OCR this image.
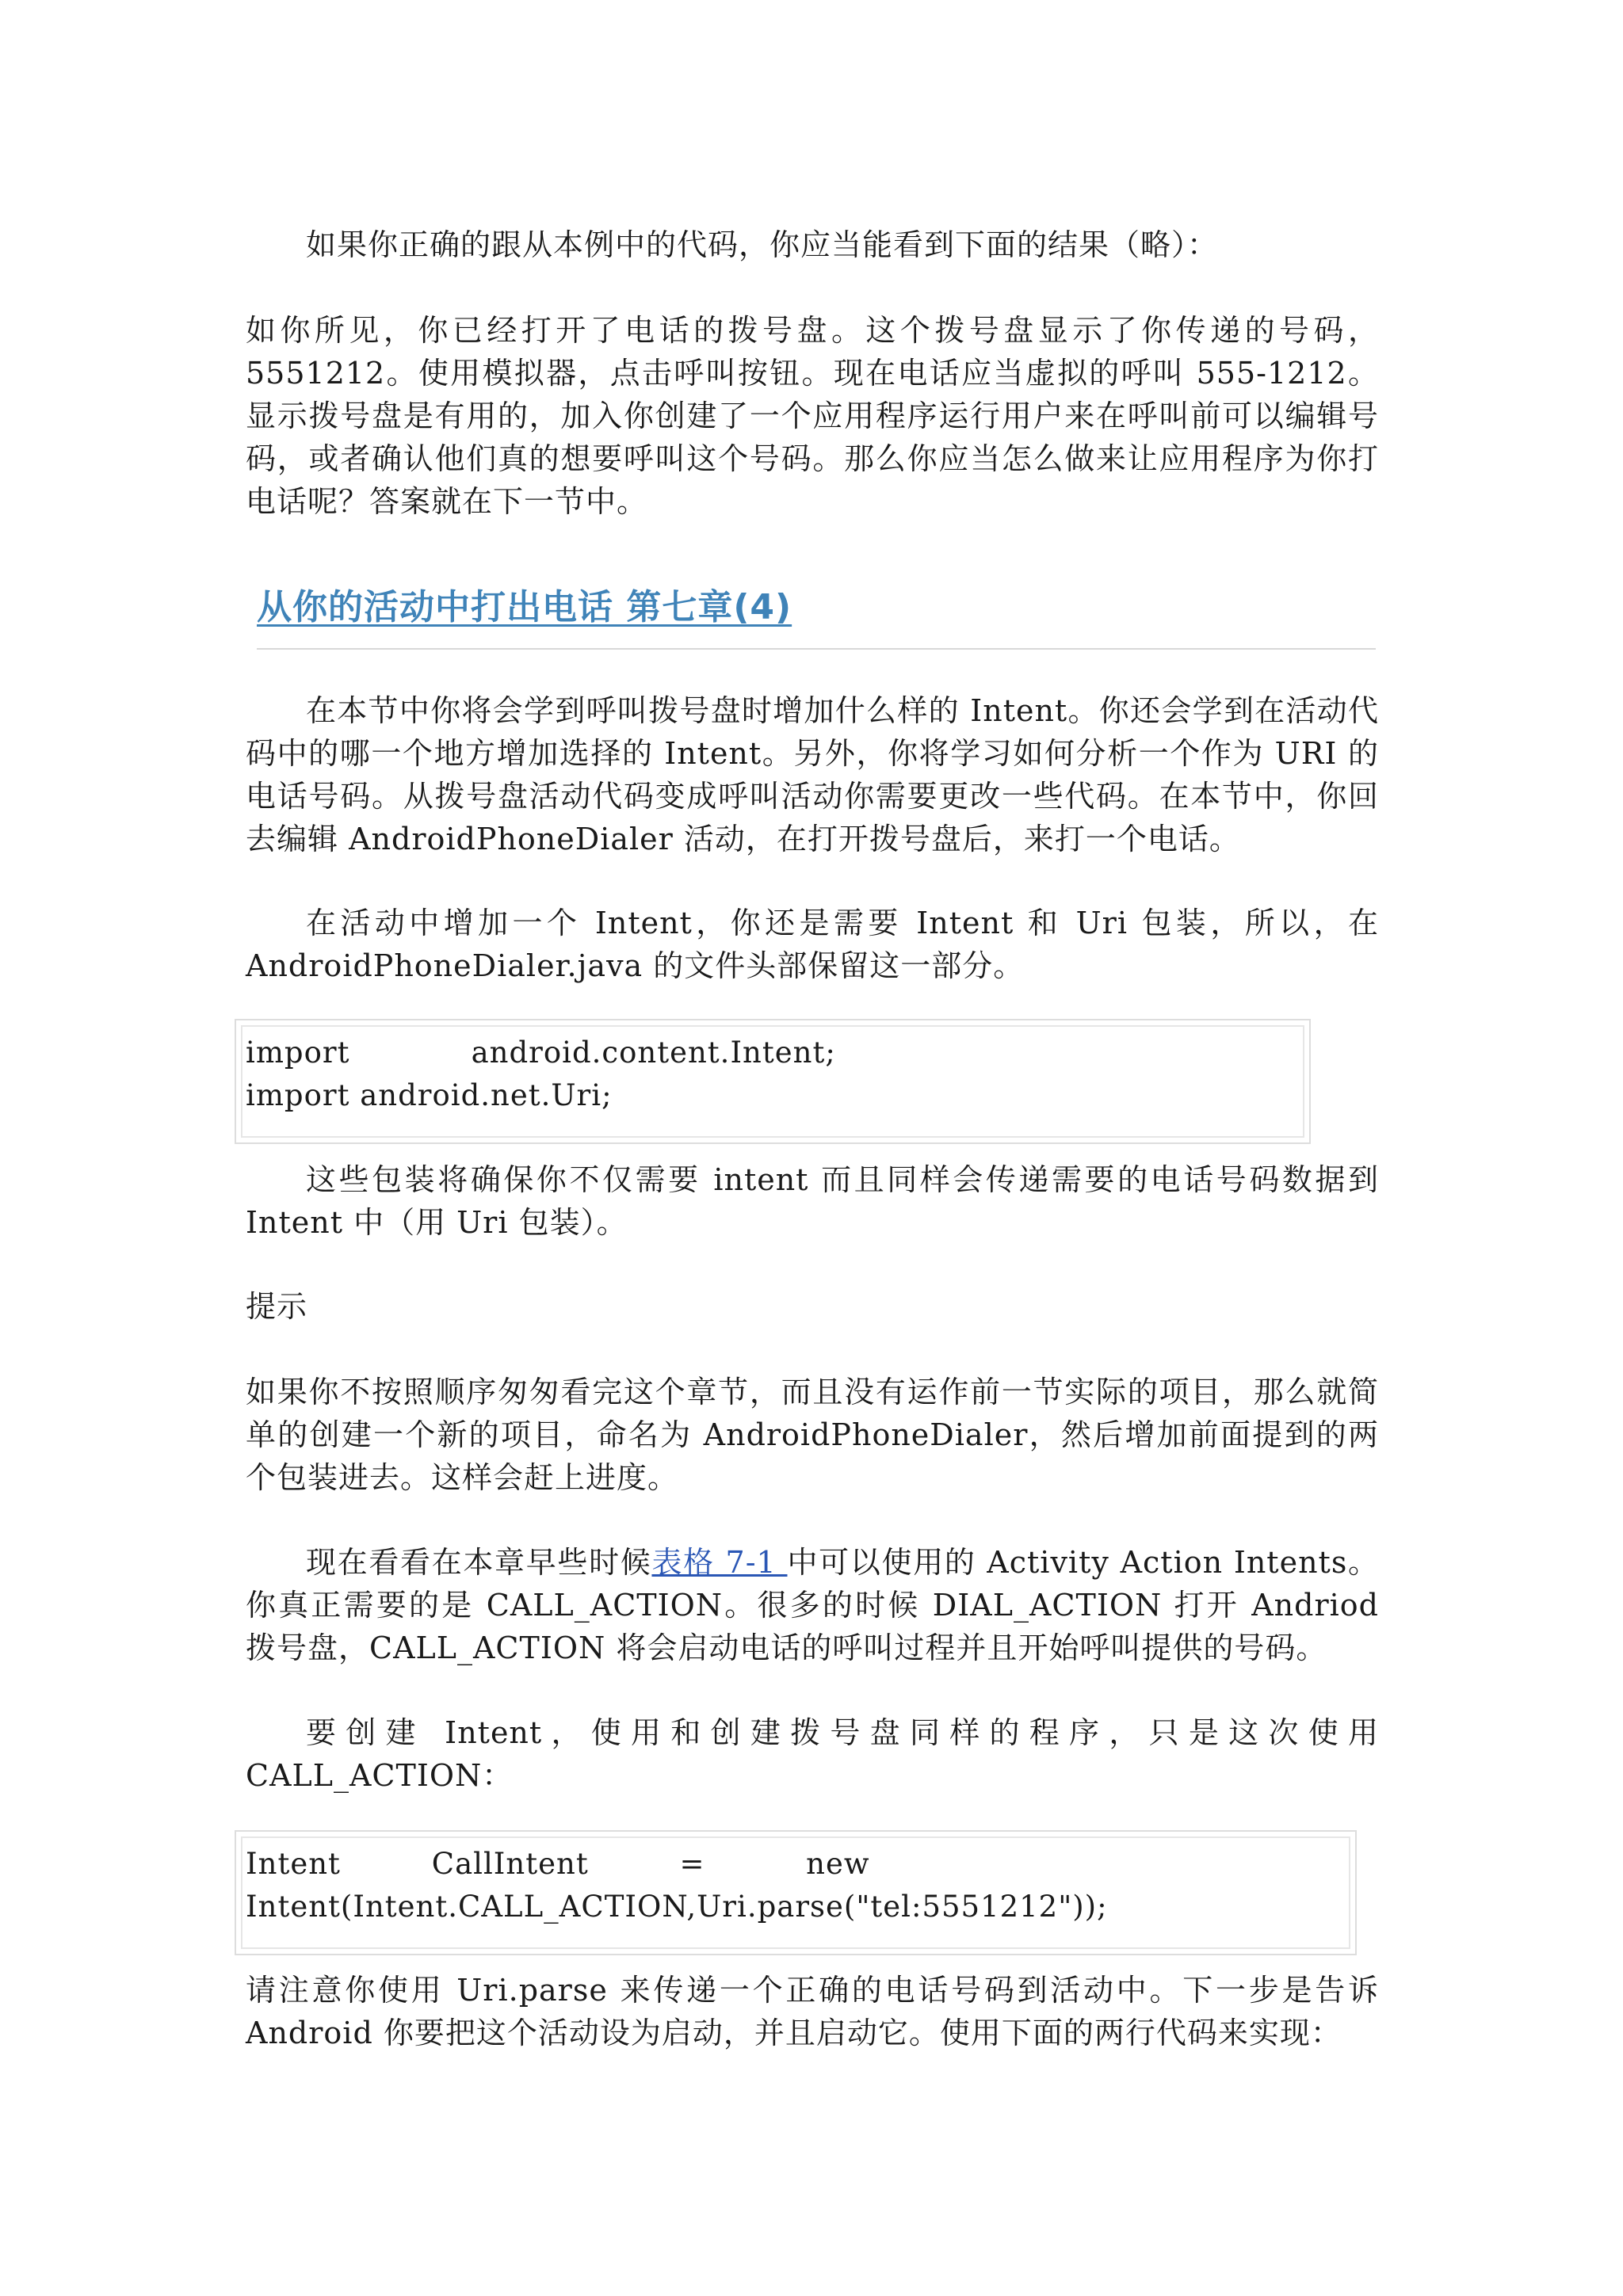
如果你正确的跟从本例中的代码，你应当能看到下面的结果（略）：

如你所见，你已经打开了电话的拨号盘。这个拨号盘显示了你传递的号码，5551212。使用模拟器，点击呼叫按钮。现在电话应当虚拟的呼叫 555-1212。显示拨号盘是有用的，加入你创建了一个应用程序运行用户来在呼叫前可以编辑号码，或者确认他们真的想要呼叫这个号码。那么你应当怎么做来让应用程序为你打电话呢？答案就在下一节中。

从你的活动中打出电话 第七章(4)

在本节中你将会学到呼叫拨号盘时增加什么样的 Intent。你还会学到在活动代码中的哪一个地方增加选择的 Intent。另外，你将学习如何分析一个作为 URI 的电话号码。从拨号盘活动代码变成呼叫活动你需要更改一些代码。在本节中，你回去编辑 AndroidPhoneDialer 活动，在打开拨号盘后，来打一个电话。

在活动中增加一个 Intent，你还是需要 Intent 和 Uri 包装，所以，在 AndroidPhoneDialer.java 的文件头部保留这一部分。

import            android.content.Intent;
import android.net.Uri;

这些包装将确保你不仅需要 intent 而且同样会传递需要的电话号码数据到 Intent 中（用 Uri 包装）。

提示

如果你不按照顺序匆匆看完这个章节，而且没有运作前一节实际的项目，那么就简单的创建一个新的项目，命名为 AndroidPhoneDialer，然后增加前面提到的两个包装进去。这样会赶上进度。

现在看看在本章早些时候表格 7-1 中可以使用的 Activity Action Intents。你真正需要的是 CALL_ACTION。很多的时候 DIAL_ACTION 打开 Andriod 拨号盘，CALL_ACTION 将会启动电话的呼叫过程并且开始呼叫提供的号码。

要创建 Intent，使用和创建拨号盘同样的程序，只是这次使用 CALL_ACTION：

Intent         CallIntent         =          new
Intent(Intent.CALL_ACTION,Uri.parse("tel:5551212"));

请注意你使用 Uri.parse 来传递一个正确的电话号码到活动中。下一步是告诉 Android 你要把这个活动设为启动，并且启动它。使用下面的两行代码来实现：
